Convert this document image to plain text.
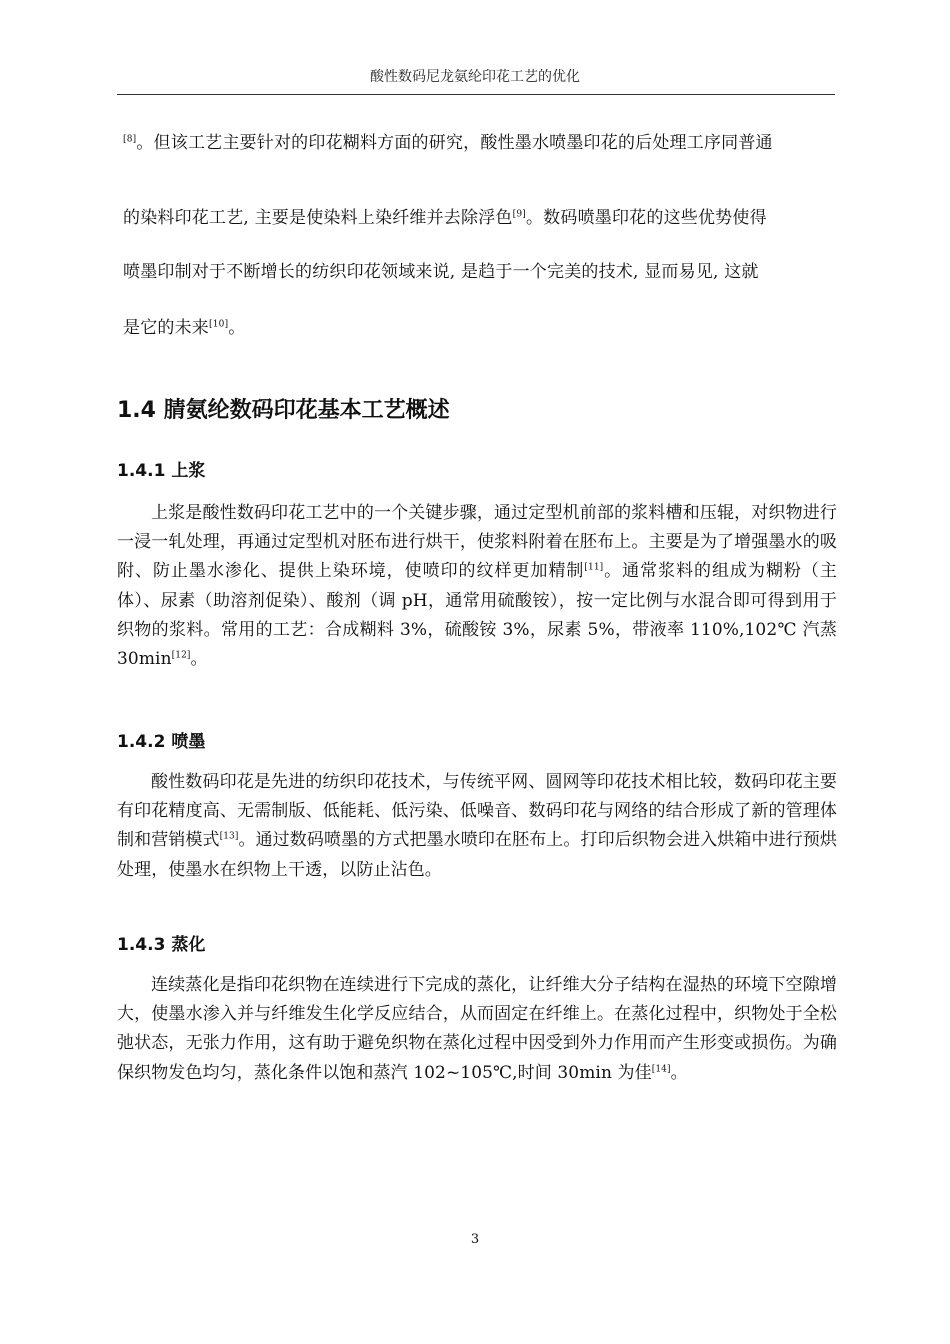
酸性数码尼龙氨纶印花工艺的优化
[8]。但该工艺主要针对的印花糊料方面的研究，酸性墨水喷墨印花的后处理工序同普通
的染料印花工艺, 主要是使染料上染纤维并去除浮色[9]。数码喷墨印花的这些优势使得
喷墨印制对于不断增长的纺织印花领域来说, 是趋于一个完美的技术, 显而易见, 这就
是它的未来[10]。
1.4 腈氨纶数码印花基本工艺概述
1.4.1 上浆

上浆是酸性数码印花工艺中的一个关键步骤，通过定型机前部的浆料槽和压辊，对织物进行一浸一轧处理，再通过定型机对胚布进行烘干，使浆料附着在胚布上。主要是为了增强墨水的吸附、防止墨水渗化、提供上染环境，使喷印的纹样更加精制[11]。通常浆料的组成为糊粉（主体）、尿素（助溶剂促染）、酸剂（调 pH，通常用硫酸铵），按一定比例与水混合即可得到用于织物的浆料。常用的工艺：合成糊料 3%，硫酸铵 3%，尿素 5%，带液率 110%,102℃ 汽蒸 30min[12]。

1.4.2 喷墨

酸性数码印花是先进的纺织印花技术，与传统平网、圆网等印花技术相比较，数码印花主要有印花精度高、无需制版、低能耗、低污染、低噪音、数码印花与网络的结合形成了新的管理体制和营销模式[13]。通过数码喷墨的方式把墨水喷印在胚布上。打印后织物会进入烘箱中进行预烘处理，使墨水在织物上干透，以防止沾色。

1.4.3 蒸化

连续蒸化是指印花织物在连续进行下完成的蒸化，让纤维大分子结构在湿热的环境下空隙增大，使墨水渗入并与纤维发生化学反应结合，从而固定在纤维上。在蒸化过程中，织物处于全松弛状态，无张力作用，这有助于避免织物在蒸化过程中因受到外力作用而产生形变或损伤。为确保织物发色均匀，蒸化条件以饱和蒸汽 102~105℃,时间 30min 为佳[14]。

3
